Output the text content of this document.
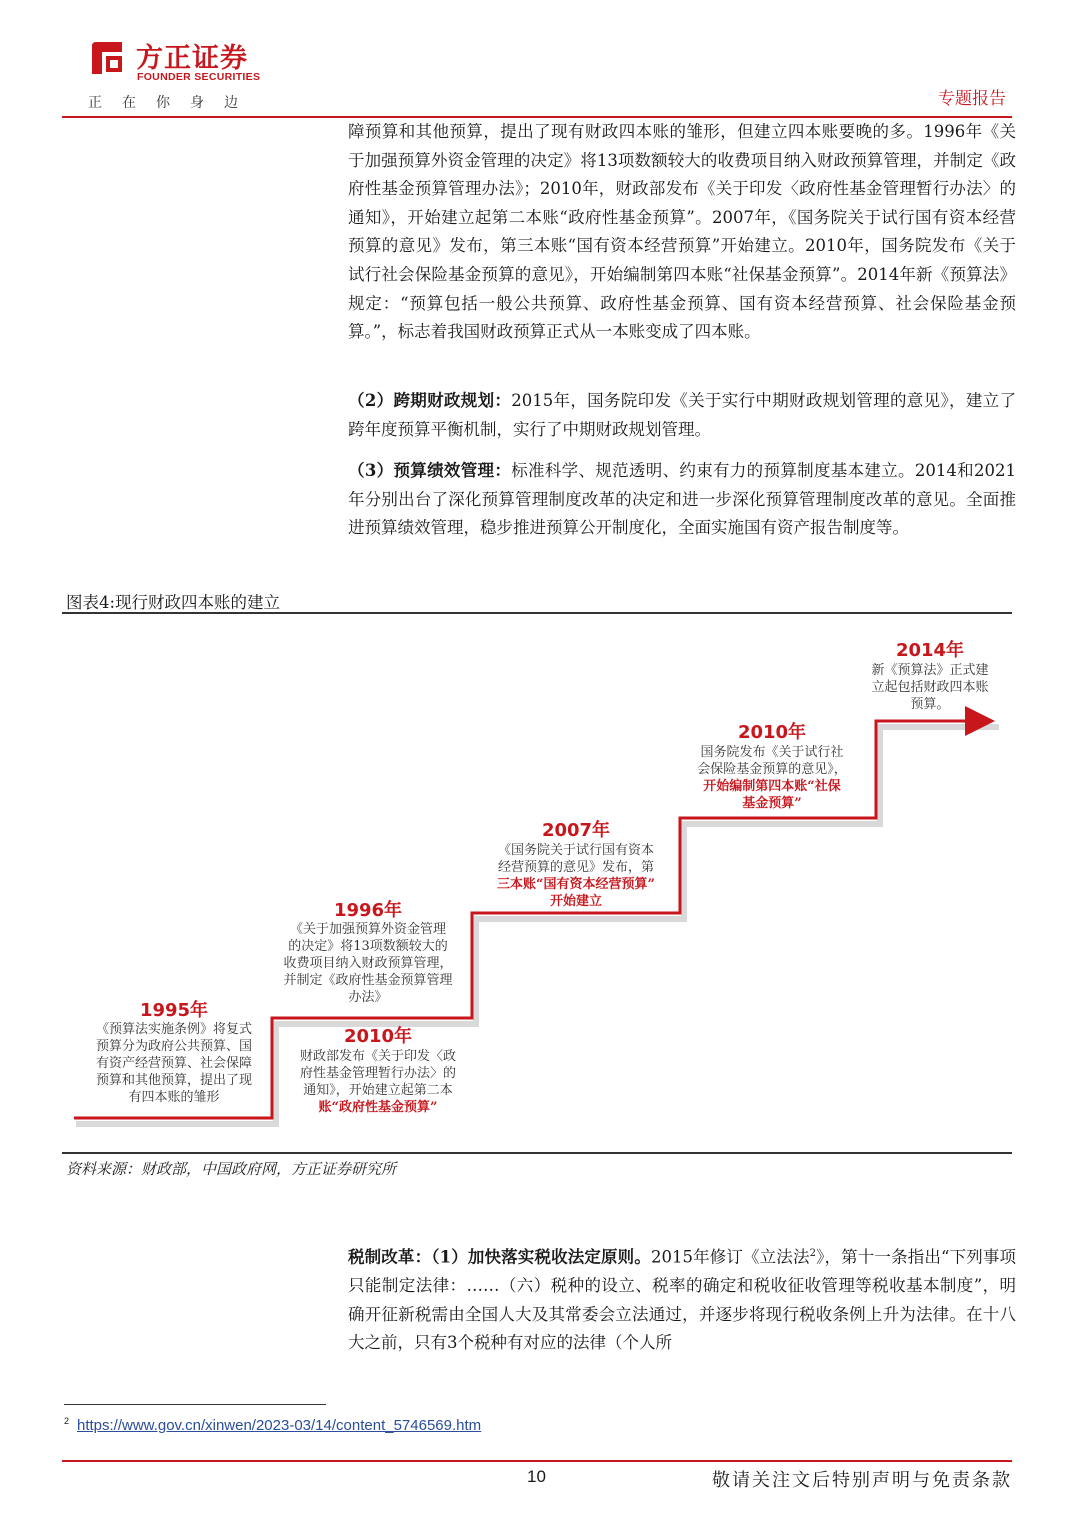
方正证券
FOUNDER SECURITIES
正在你身边	专题报告

障预算和其他预算，提出了现有财政四本账的雏形，但建立四本账要晚的多。1996年《关于加强预算外资金管理的决定》将13项数额较大的收费项目纳入财政预算管理，并制定《政府性基金预算管理办法》；2010年，财政部发布《关于印发〈政府性基金管理暂行办法〉的通知》，开始建立起第二本账“政府性基金预算”。2007年，《国务院关于试行国有资本经营预算的意见》发布，第三本账“国有资本经营预算”开始建立。2010年，国务院发布《关于试行社会保险基金预算的意见》，开始编制第四本账“社保基金预算”。2014年新《预算法》规定：“预算包括一般公共预算、政府性基金预算、国有资本经营预算、社会保险基金预算。”，标志着我国财政预算正式从一本账变成了四本账。

（2）跨期财政规划：2015年，国务院印发《关于实行中期财政规划管理的意见》，建立了跨年度预算平衡机制，实行了中期财政规划管理。

（3）预算绩效管理：标准科学、规范透明、约束有力的预算制度基本建立。2014和2021年分别出台了深化预算管理制度改革的决定和进一步深化预算管理制度改革的意见。全面推进预算绩效管理，稳步推进预算公开制度化，全面实施国有资产报告制度等。

图表4:现行财政四本账的建立
1995年
《预算法实施条例》将复式
预算分为政府公共预算、国
有资产经营预算、社会保障
预算和其他预算，提出了现
有四本账的雏形
1996年
《关于加强预算外资金管理
的决定》将13项数额较大的
收费项目纳入财政预算管理，
并制定《政府性基金预算管理
办法》
2010年
财政部发布《关于印发〈政
府性基金管理暂行办法〉的
通知》，开始建立起第二本
账“政府性基金预算”
2007年
《国务院关于试行国有资本
经营预算的意见》发布，第
三本账“国有资本经营预算”
开始建立
2010年
国务院发布《关于试行社
会保险基金预算的意见》，
开始编制第四本账“社保
基金预算”
2014年
新《预算法》正式建
立起包括财政四本账
预算。
资料来源：财政部，中国政府网，方正证券研究所

税制改革：（1）加快落实税收法定原则。2015年修订《立法法$^2$》，第十一条指出“下列事项只能制定法律：……（六）税种的设立、税率的确定和税收征收管理等税收基本制度”，明确开征新税需由全国人大及其常委会立法通过，并逐步将现行税收条例上升为法律。在十八大之前，只有3个税种有对应的法律（个人所

2 https://www.gov.cn/xinwen/2023-03/14/content_5746569.htm
10	敬请关注文后特别声明与免责条款
